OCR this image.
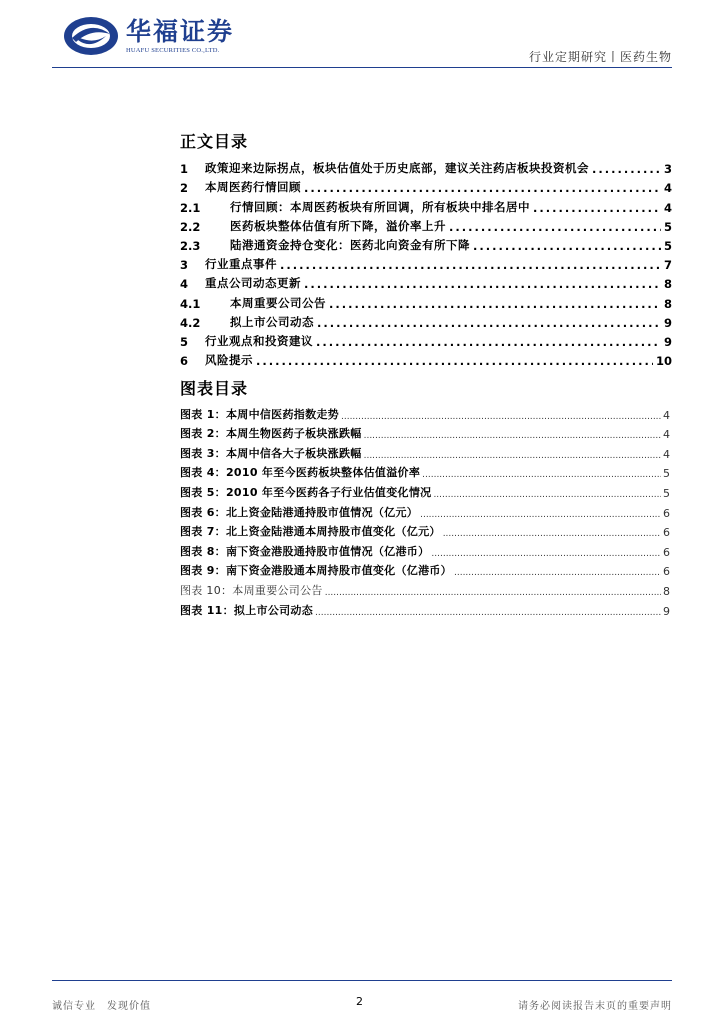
华福证券
HUAFU SECURITIES CO.,LTD.	行业定期研究丨医药生物
正文目录
1	政策迎来边际拐点，板块估值处于历史底部，建议关注药店板块投资机会 .....	3
2	本周医药行情回顾 .....	4
2.1	行情回顾：本周医药板块有所回调，所有板块中排名居中 .....	4
2.2	医药板块整体估值有所下降，溢价率上升 .....	5
2.3	陆港通资金持仓变化：医药北向资金有所下降 .....	5
3	行业重点事件 .....	7
4	重点公司动态更新 .....	8
4.1	本周重要公司公告 .....	8
4.2	拟上市公司动态 .....	9
5	行业观点和投资建议 .....	9
6	风险提示 .....	10
图表目录
图表 1：本周中信医药指数走势 .....	4
图表 2：本周生物医药子板块涨跌幅 .....	4
图表 3：本周中信各大子板块涨跌幅 .....	4
图表 4：2010 年至今医药板块整体估值溢价率 .....	5
图表 5：2010 年至今医药各子行业估值变化情况 .....	5
图表 6：北上资金陆港通持股市值情况（亿元） .....	6
图表 7：北上资金陆港通本周持股市值变化（亿元） .....	6
图表 8：南下资金港股通持股市值情况（亿港币） .....	6
图表 9：南下资金港股通本周持股市值变化（亿港币） .....	6
图表 10：本周重要公司公告 .....	8
图表 11：拟上市公司动态 .....	9
诚信专业　发现价值	2	请务必阅读报告末页的重要声明
